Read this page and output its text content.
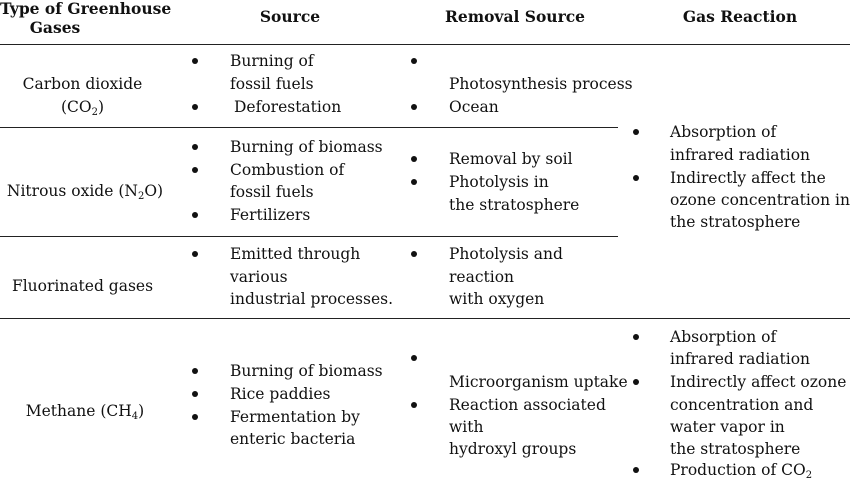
Type of Greenhouse
Gases
Source	Removal Source	Gas Reaction
Carbon dioxide
$(CO_2)$
Burning of
fossil fuels
Deforestation
Photosynthesis process
Ocean
Nitrous oxide $(N_2O)$
Burning of biomass
Combustion of
fossil fuels
Fertilizers
Removal by soil
Photolysis in
the stratosphere
Fluorinated gases
Emitted through
various
industrial processes.
Photolysis and
reaction
with oxygen
Absorption of
infrared radiation
Indirectly affect the
ozone concentration in
the stratosphere
Methane $(CH_4)$
Burning of biomass
Rice paddies
Fermentation by
enteric bacteria
Microorganism uptake
Reaction associated
with
hydroxyl groups
Absorption of
infrared radiation
Indirectly affect ozone
concentration and
water vapor in
the stratosphere
Production of $CO_2$
